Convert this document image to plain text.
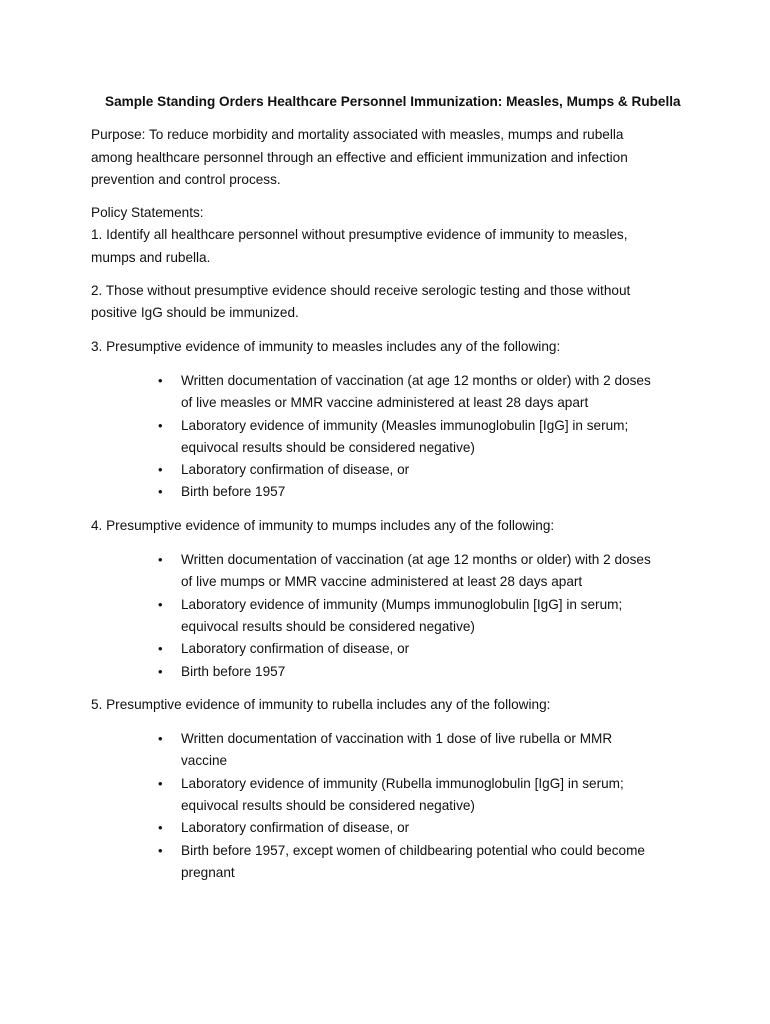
Sample Standing Orders Healthcare Personnel Immunization: Measles, Mumps & Rubella

Purpose: To reduce morbidity and mortality associated with measles, mumps and rubella
among healthcare personnel through an effective and efficient immunization and infection
prevention and control process.

Policy Statements:
1. Identify all healthcare personnel without presumptive evidence of immunity to measles,
mumps and rubella.

2. Those without presumptive evidence should receive serologic testing and those without
positive IgG should be immunized.

3. Presumptive evidence of immunity to measles includes any of the following:

• Written documentation of vaccination (at age 12 months or older) with 2 doses
of live measles or MMR vaccine administered at least 28 days apart
• Laboratory evidence of immunity (Measles immunoglobulin [IgG] in serum;
equivocal results should be considered negative)
• Laboratory confirmation of disease, or
• Birth before 1957

4. Presumptive evidence of immunity to mumps includes any of the following:

• Written documentation of vaccination (at age 12 months or older) with 2 doses
of live mumps or MMR vaccine administered at least 28 days apart
• Laboratory evidence of immunity (Mumps immunoglobulin [IgG] in serum;
equivocal results should be considered negative)
• Laboratory confirmation of disease, or
• Birth before 1957

5. Presumptive evidence of immunity to rubella includes any of the following:

• Written documentation of vaccination with 1 dose of live rubella or MMR
vaccine
• Laboratory evidence of immunity (Rubella immunoglobulin [IgG] in serum;
equivocal results should be considered negative)
• Laboratory confirmation of disease, or
• Birth before 1957, except women of childbearing potential who could become
pregnant
